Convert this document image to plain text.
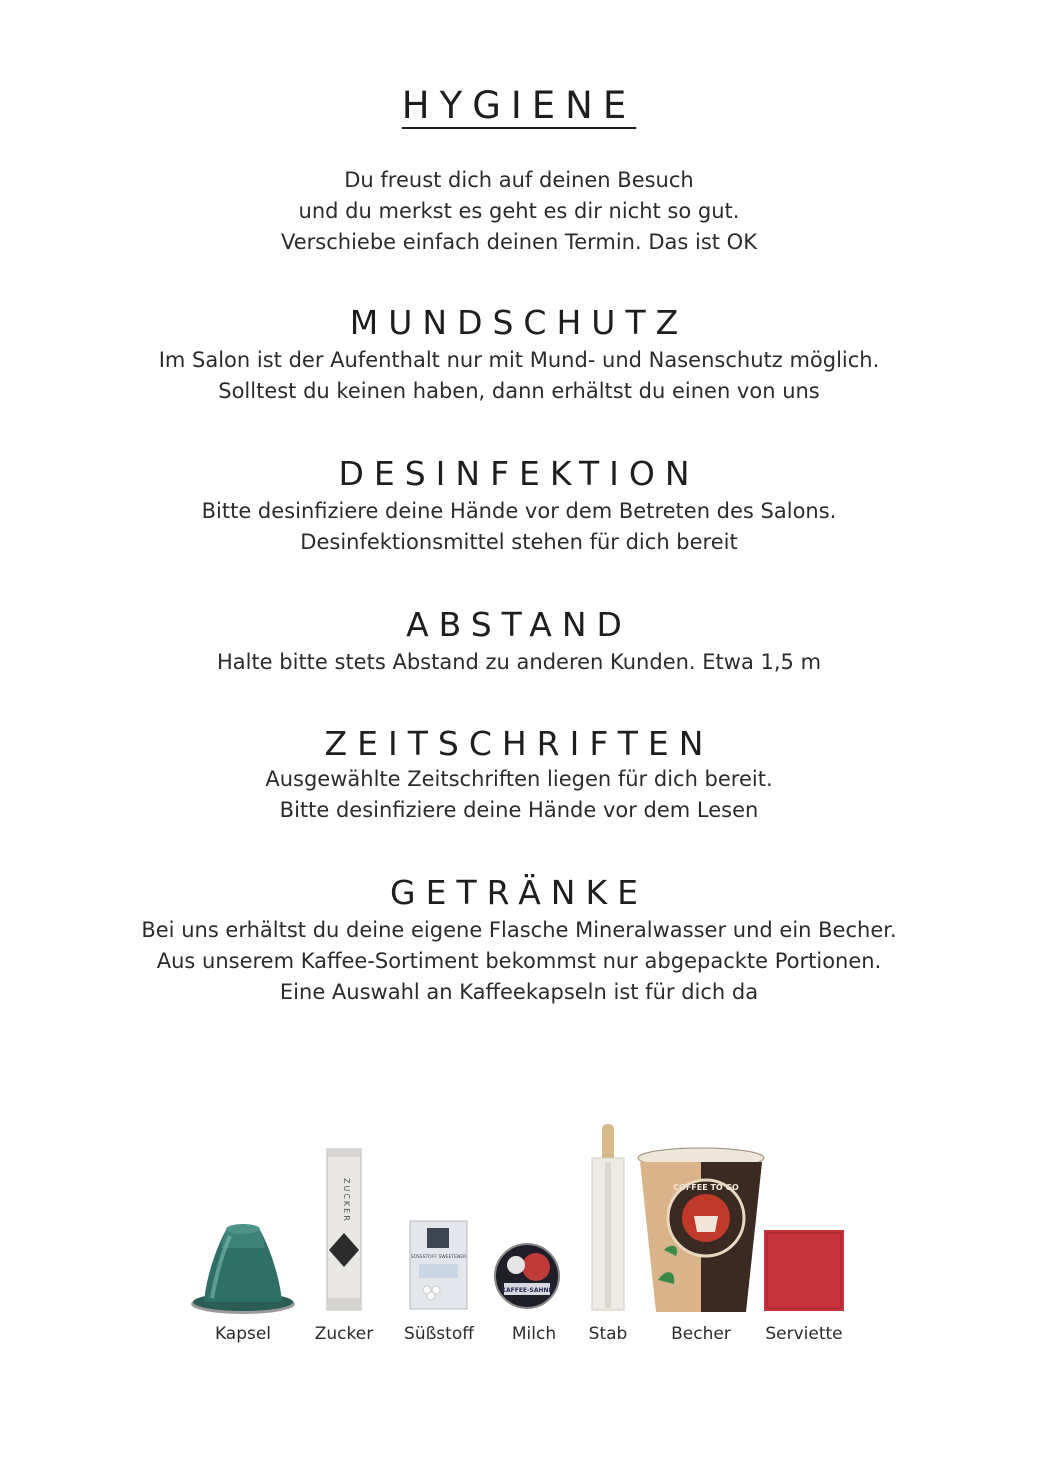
HYGIENE
Du freust dich auf deinen Besuch
und du merkst es geht es dir nicht so gut.
Verschiebe einfach deinen Termin. Das ist OK
MUNDSCHUTZ
Im Salon ist der Aufenthalt nur mit Mund- und Nasenschutz möglich.
Solltest du keinen haben, dann erhältst du einen von uns
DESINFEKTION
Bitte desinfiziere deine Hände vor dem Betreten des Salons.
Desinfektionsmittel stehen für dich bereit
ABSTAND
Halte bitte stets Abstand zu anderen Kunden. Etwa 1,5 m
ZEITSCHRIFTEN
Ausgewählte Zeitschriften liegen für dich bereit.
Bitte desinfiziere deine Hände vor dem Lesen
GETRÄNKE
Bei uns erhältst du deine eigene Flasche Mineralwasser und ein Becher.
Aus unserem Kaffee-Sortiment bekommst nur abgepackte Portionen.
Eine Auswahl an Kaffeekapseln ist für dich da
Kapsel
ZUCKER
Zucker
SÜSSSTOFF SWEETENER
Süßstoff
KAFFEE-SAHNE
Milch	Stab
COFFEE TO GO
Becher	Serviette
